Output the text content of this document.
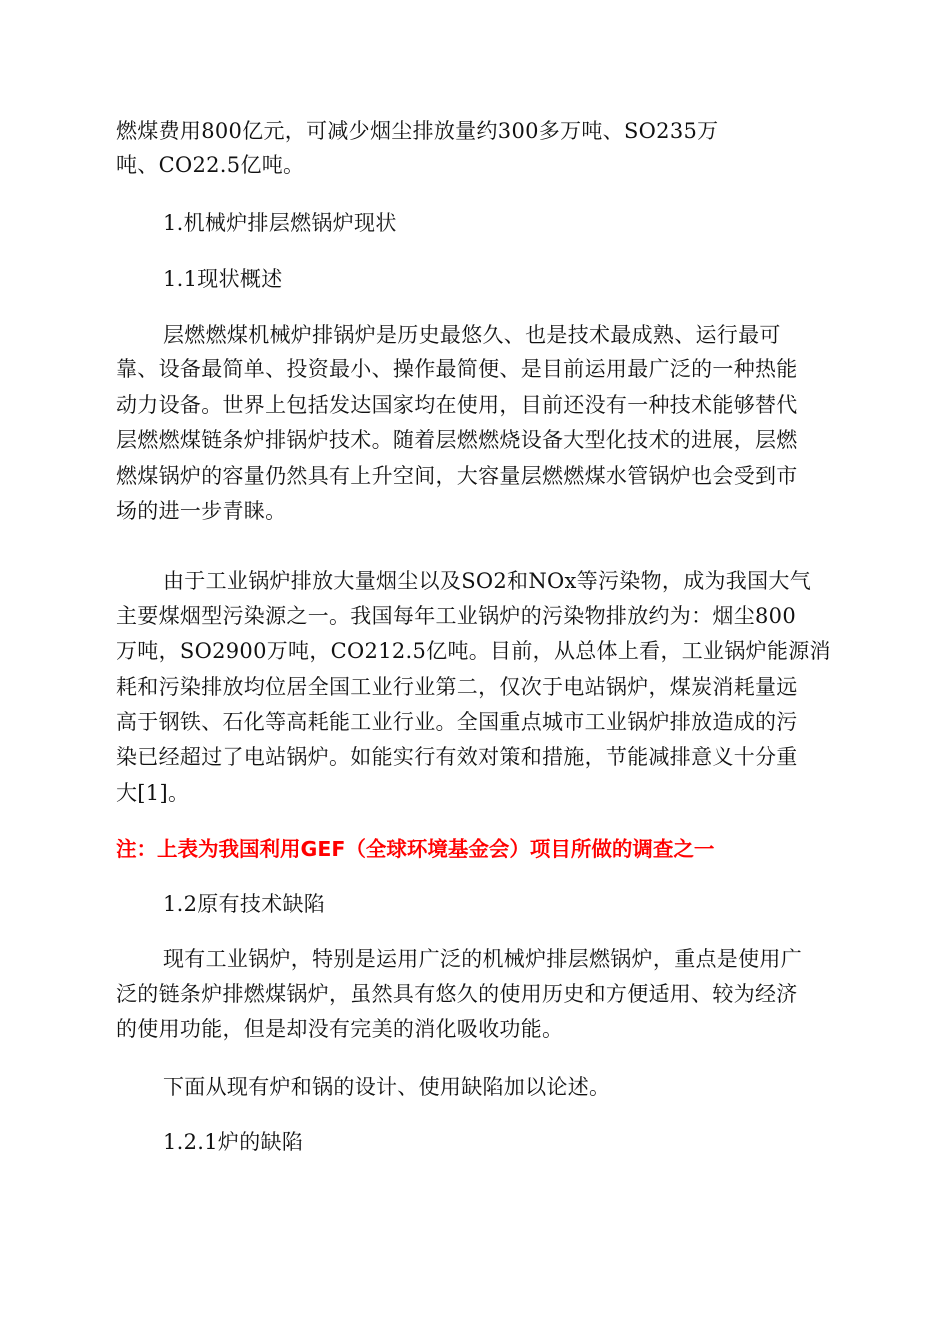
燃煤费用800亿元，可减少烟尘排放量约300多万吨、SO235万
吨、CO22.5亿吨。
1.机械炉排层燃锅炉现状
1.1现状概述
层燃燃煤机械炉排锅炉是历史最悠久、也是技术最成熟、运行最可
靠、设备最简单、投资最小、操作最简便、是目前运用最广泛的一种热能
动力设备。世界上包括发达国家均在使用，目前还没有一种技术能够替代
层燃燃煤链条炉排锅炉技术。随着层燃燃烧设备大型化技术的进展，层燃
燃煤锅炉的容量仍然具有上升空间，大容量层燃燃煤水管锅炉也会受到市
场的进一步青睐。
由于工业锅炉排放大量烟尘以及SO2和NOx等污染物，成为我国大气
主要煤烟型污染源之一。我国每年工业锅炉的污染物排放约为：烟尘800
万吨，SO2900万吨，CO212.5亿吨。目前，从总体上看，工业锅炉能源消
耗和污染排放均位居全国工业行业第二，仅次于电站锅炉，煤炭消耗量远
高于钢铁、石化等高耗能工业行业。全国重点城市工业锅炉排放造成的污
染已经超过了电站锅炉。如能实行有效对策和措施，节能减排意义十分重
大[1]。
注：上表为我国利用GEF（全球环境基金会）项目所做的调查之一
1.2原有技术缺陷
现有工业锅炉，特别是运用广泛的机械炉排层燃锅炉，重点是使用广
泛的链条炉排燃煤锅炉，虽然具有悠久的使用历史和方便适用、较为经济
的使用功能，但是却没有完美的消化吸收功能。
下面从现有炉和锅的设计、使用缺陷加以论述。
1.2.1炉的缺陷
